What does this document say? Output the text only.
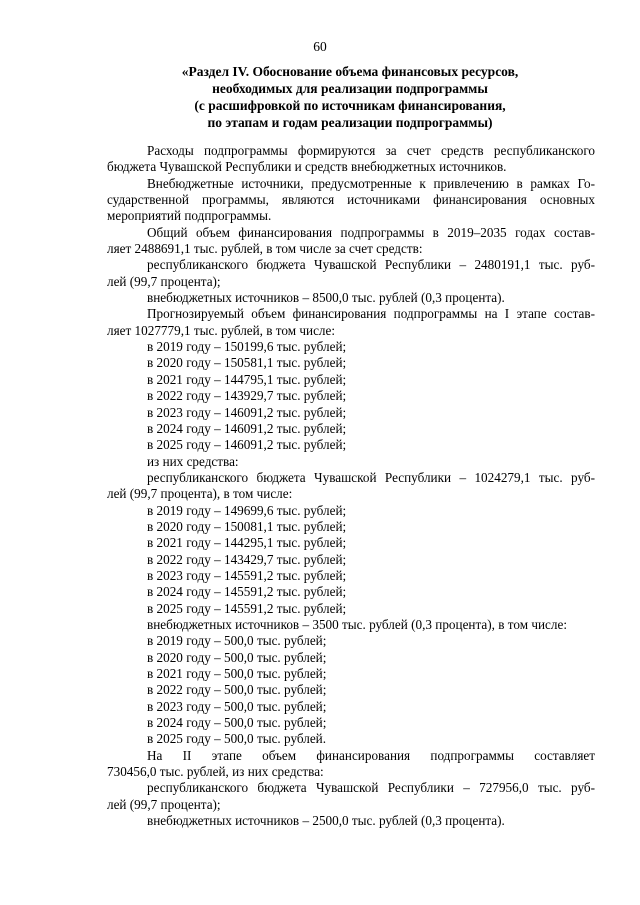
60
«Раздел IV. Обоснование объема финансовых ресурсов,
необходимых для реализации подпрограммы
(с расшифровкой по источникам финансирования,
по этапам и годам реализации подпрограммы)
Расходы подпрограммы формируются за счет средств республиканского
бюджета Чувашской Республики и средств внебюджетных источников.
Внебюджетные источники, предусмотренные к привлечению в рамках Го-
сударственной программы, являются источниками финансирования основных
мероприятий подпрограммы.
Общий объем финансирования подпрограммы в 2019–2035 годах состав-
ляет 2488691,1 тыс. рублей, в том числе за счет средств:
республиканского бюджета Чувашской Республики – 2480191,1 тыс. руб-
лей (99,7 процента);
внебюджетных источников – 8500,0 тыс. рублей (0,3 процента).
Прогнозируемый объем финансирования подпрограммы на I этапе состав-
ляет 1027779,1 тыс. рублей, в том числе:
в 2019 году – 150199,6 тыс. рублей;
в 2020 году – 150581,1 тыс. рублей;
в 2021 году – 144795,1 тыс. рублей;
в 2022 году – 143929,7 тыс. рублей;
в 2023 году – 146091,2 тыс. рублей;
в 2024 году – 146091,2 тыс. рублей;
в 2025 году – 146091,2 тыс. рублей;
из них средства:
республиканского бюджета Чувашской Республики – 1024279,1 тыс. руб-
лей (99,7 процента), в том числе:
в 2019 году – 149699,6 тыс. рублей;
в 2020 году – 150081,1 тыс. рублей;
в 2021 году – 144295,1 тыс. рублей;
в 2022 году – 143429,7 тыс. рублей;
в 2023 году – 145591,2 тыс. рублей;
в 2024 году – 145591,2 тыс. рублей;
в 2025 году – 145591,2 тыс. рублей;
внебюджетных источников – 3500 тыс. рублей (0,3 процента), в том числе:
в 2019 году – 500,0 тыс. рублей;
в 2020 году – 500,0 тыс. рублей;
в 2021 году – 500,0 тыс. рублей;
в 2022 году – 500,0 тыс. рублей;
в 2023 году – 500,0 тыс. рублей;
в 2024 году – 500,0 тыс. рублей;
в 2025 году – 500,0 тыс. рублей.
На II этапе объем финансирования подпрограммы составляет
730456,0 тыс. рублей, из них средства:
республиканского бюджета Чувашской Республики – 727956,0 тыс. руб-
лей (99,7 процента);
внебюджетных источников – 2500,0 тыс. рублей (0,3 процента).
